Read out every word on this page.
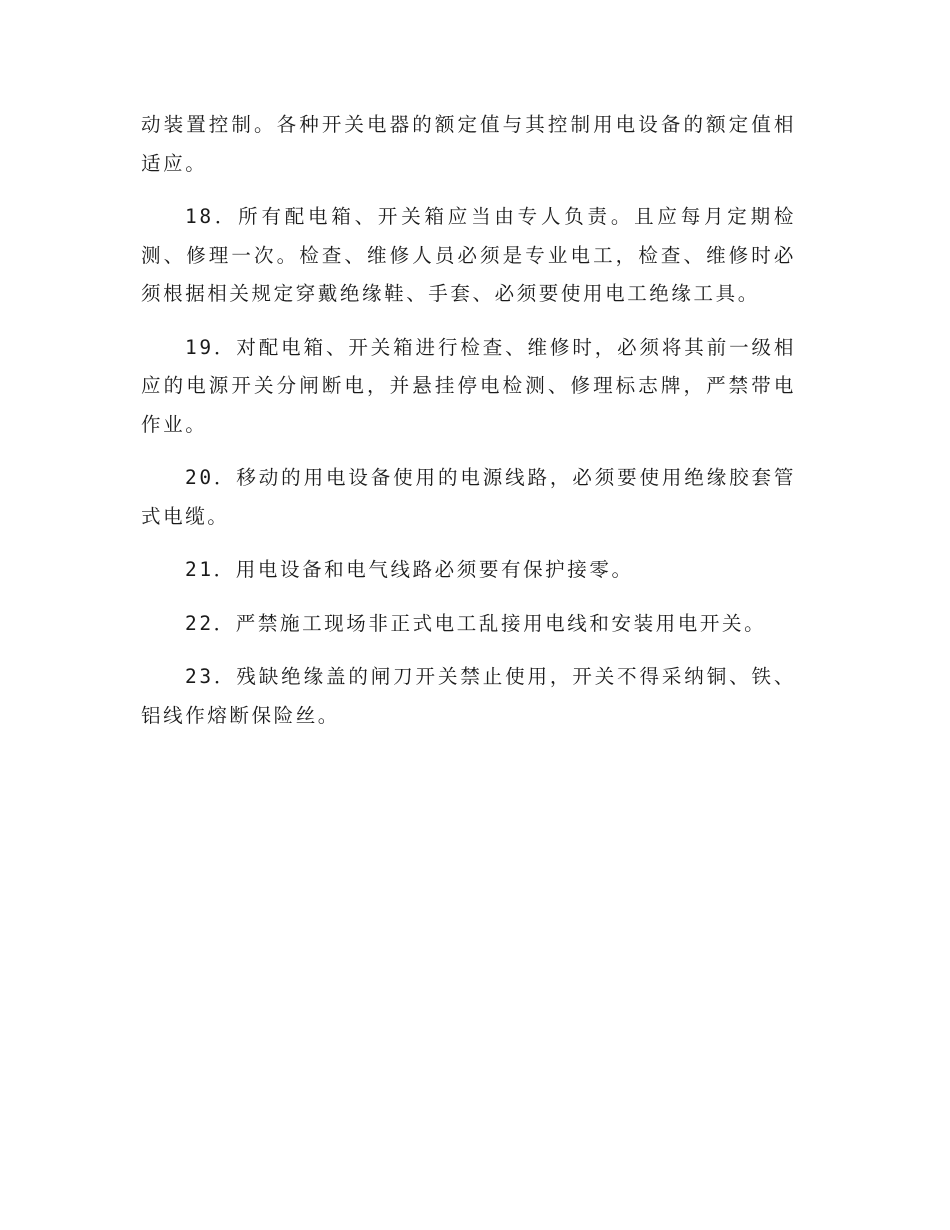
动装置控制。各种开关电器的额定值与其控制用电设备的额定值相适应。

18．所有配电箱、开关箱应当由专人负责。且应每月定期检测、修理一次。检查、维修人员必须是专业电工，检查、维修时必须根据相关规定穿戴绝缘鞋、手套、必须要使用电工绝缘工具。

19．对配电箱、开关箱进行检查、维修时，必须将其前一级相应的电源开关分闸断电，并悬挂停电检测、修理标志牌，严禁带电作业。

20．移动的用电设备使用的电源线路，必须要使用绝缘胶套管式电缆。

21．用电设备和电气线路必须要有保护接零。

22．严禁施工现场非正式电工乱接用电线和安装用电开关。

23．残缺绝缘盖的闸刀开关禁止使用，开关不得采纳铜、铁、铝线作熔断保险丝。
